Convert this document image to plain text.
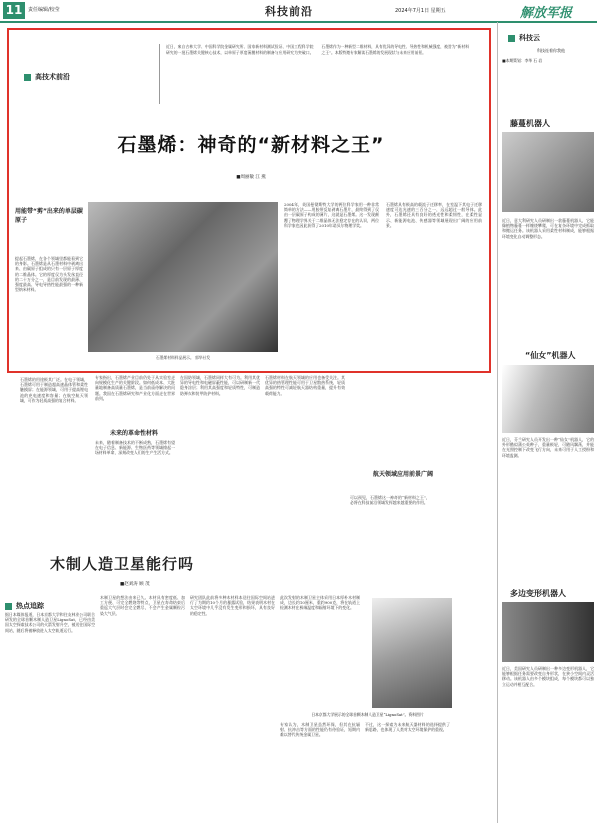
11	责任编辑/校莹	科技前沿	2024年7月1日 星期五	解放军报
高技术前沿
近日，來自吉林大学、中国科学院金属研究所、国家新材料测试验证、中国工程科学院研究的一批石墨烯关键核心技术，以单原子厚度薄膜材料的制备与应用研究为突破口。石墨烯作为一种新型二维材料，具有优异的导电性、导热性和机械强度，被誉为“新材料之王”。本版特邀专家解读石墨烯的发展现状与未来应用前景。
石墨烯：神奇的“新材料之王”
■周丽敏 江 燕
用能带“剪”出来的单层碳原子
提起石墨烯，在各个领域里都能看到它的身影。石墨烯是从石墨材料中剥离出来、由碳原子组成的只有一层原子厚度的二维晶体。它的厚度仅为头发丝直径的二十万分之一，是目前发现的最薄、强度最高、导电导热性能最强的一种新型纳米材料。
石墨烯材料样品展示。 郭华社发
2004年，英国曼彻斯特大学的两位科学家用一种非常简单的方法——用胶带反复剥离石墨片，最终得到了仅由一层碳原子构成的薄片，这就是石墨烯。这一发现颠覆了物理学界关于二维晶体无法稳定存在的认识，两位科学家也因此获得了2010年诺贝尔物理学奖。
石墨烯具有极高的载流子迁移率，在室温下其电子迁移速度可达光速的三百分之一，远远超过一般导体。此外，石墨烯还具有良好的透光性和柔韧性，在柔性显示、新能源电池、传感器等领域展现出广阔的应用前景。
石墨烯的用途极其广泛。在电子领域，石墨烯可用于制造超高速晶体管和柔性触摸屏；在能源领域，可用于提高锂电池的充电速度和容量；在航空航天领域，可作为轻质高强的复合材料。
专家指出，石墨烯产业目前仍处于从实验室走向规模化生产的关键阶段。如何低成本、大批量地制备高质量石墨烯，是当前亟待解决的问题。我国在石墨烯研究和产业化方面走在世界前列。
未来的革命性材料
未来，随着制备技术的不断成熟，石墨烯有望在电子信息、新能源、生物医药等领域掀起一场材料革命，深刻改变人们的生产生活方式。
在国防领域，石墨烯同样大有可为。利用其优异的导电性和电磁屏蔽性能，可以研制新一代隐身涂层；利用其高强度和轻质特性，可制造防弹衣和装甲防护材料。
石墨烯材料在航天领域的应用也备受关注。其优异的热管理性能可用于卫星散热系统，轻质高强的特性可减轻航天器结构重量，提升有效载荷能力。
航天领域应用前景广阔
可以预见，石墨烯这一神奇的“新材料之王”，必将在科技前沿领域发挥越来越重要的作用。
木制人造卫星能行吗
■赵刘涛 顾 茂
热点追踪
据日本媒体报道，日本京都大学和住友林业公司联合研发的全球首颗木制人造卫星LignoSat，已经由美国太空探索技术公司的火箭发射升空，被送往国际空间站，随后将被释放进入太空轨道运行。
木制卫星的想法由来已久。木材具有密度低、加工方便、可完全燃烧等特点，卫星在寿命结束后重返大气层时会完全燃尽，不会产生金属颗粒污染大气层。
研究团队此前将多种木材样本送往国际空间站进行了为期约10个月的暴露试验，结果表明木材在太空环境中几乎没有发生变形和损坏，具有良好的稳定性。
此次发射的木制卫星主体采用日本厚朴木材制成，边长约10厘米，重约900克，将在轨道上检测木材在极端温度和辐射环境下的变化。
日本京都大学展示的全球首颗木制人造卫星“LignoSat”。资料图片
专家认为，木制卫星虽然环保，但其在抗辐射、抗冲击等方面的性能仍有待验证，短期内难以替代传统金属卫星。
不过，这一探索为未来航天器材料的选择提供了新思路，也体现了人类对太空环境保护的重视。
科技云
科技连着你我他
■本期策划：李华 石 岩
藤蔓机器人
近日，意大利研究人员研制出一款藤蔓机器人，它能像植物藤蔓一样缠绕攀爬，可在复杂环境中完成抓取和搬运任务。该机器人采用柔性材料制成，能够根据环境变化自动调整形态。
“仙女”机器人
近日，芬兰研究人员开发出一种“仙女”机器人，它的外形酷似蒲公英种子，重量极轻，可随风飘荡，并能在光照控制下改变飞行方向，未来可用于人工授粉和环境监测。
多边变形机器人
近日，美国研究人员研制出一种多边变形机器人，它能够根据任务需要改变自身形状，在狭小空间内灵活移动。该机器人由多个模块组成，每个模块都可以独立运动并相互配合。
